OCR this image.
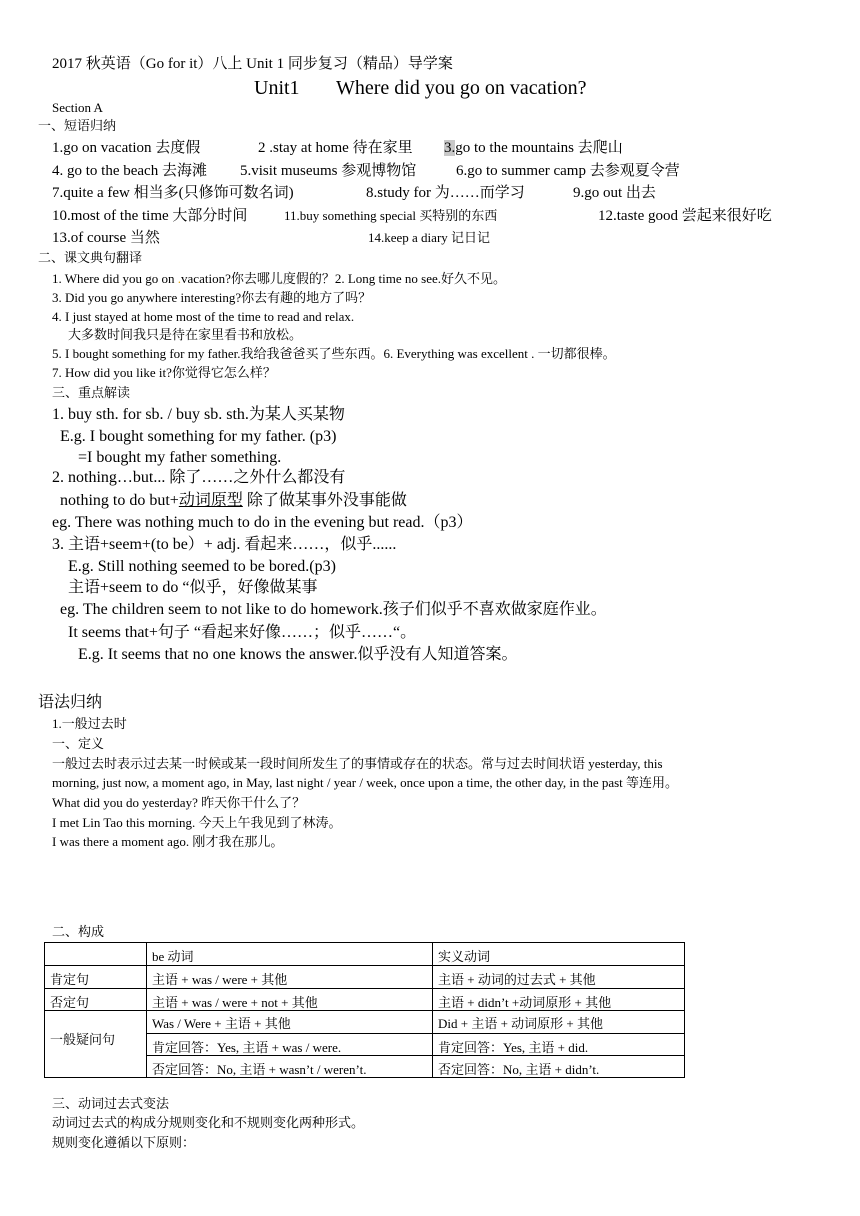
2017 秋英语（Go for it）八上 Unit 1 同步复习（精品）导学案
Unit1 Where did you go on vacation?
Section A
一、短语归纳
1.go on vacation 去度假	2 .stay at home 待在家里 3.go to the mountains 去爬山
4. go to the beach 去海滩 5.visit museums 参观博物馆	6.go to summer camp 去参观夏令营
7.quite a few 相当多(只修饰可数名词)	8.study for 为……而学习	9.go out 出去
10.most of the time 大部分时间	11.buy something special 买特别的东西	12.taste good 尝起来很好吃
13.of course 当然	14.keep a diary 记日记
二、课文典句翻译
1. Where did you go on .vacation?你去哪儿度假的？2. Long time no see.好久不见。
3. Did you go anywhere interesting?你去有趣的地方了吗？
4. I just stayed at home most of the time to read and relax.
大多数时间我只是待在家里看书和放松。
5. I bought something for my father.我给我爸爸买了些东西。6. Everything was excellent . 一切都很棒。
7. How did you like it?你觉得它怎么样？
三、重点解读
1. buy sth. for sb. / buy sb. sth.为某人买某物
E.g. I bought something for my father. (p3)
=I bought my father something.
2. nothing…but... 除了……之外什么都没有
nothing to do but+动词原型 除了做某事外没事能做
eg. There was nothing much to do in the evening but read.（p3）
3. 主语+seem+(to be）+ adj. 看起来……，似乎......
E.g. Still nothing seemed to be bored.(p3)
主语+seem to do “似乎，好像做某事
eg. The children seem to not like to do homework.孩子们似乎不喜欢做家庭作业。
It seems that+句子 “看起来好像……；似乎……“。
E.g. It seems that no one knows the answer.似乎没有人知道答案。
语法归纳
1.一般过去时
一、定义
一般过去时表示过去某一时候或某一段时间所发生了的事情或存在的状态。常与过去时间状语 yesterday, this
morning, just now, a moment ago, in May, last night / year / week, once upon a time, the other day, in the past 等连用。
What did you do yesterday? 昨天你干什么了？
I met Lin Tao this morning. 今天上午我见到了林涛。
I was there a moment ago. 刚才我在那儿。
二、构成
be 动词	实义动词
肯定句	主语 + was / were + 其他	主语 + 动词的过去式 + 其他
否定句	主语 + was / were + not + 其他	主语 + didn’t +动词原形 + 其他
一般疑问句
Was / Were + 主语 + 其他	Did + 主语 + 动词原形 + 其他
肯定回答：Yes, 主语 + was / were.	肯定回答：Yes, 主语 + did.
否定回答：No, 主语 + wasn’t / weren’t.	否定回答：No, 主语 + didn’t.
三、动词过去式变法
动词过去式的构成分规则变化和不规则变化两种形式。
规则变化遵循以下原则：
